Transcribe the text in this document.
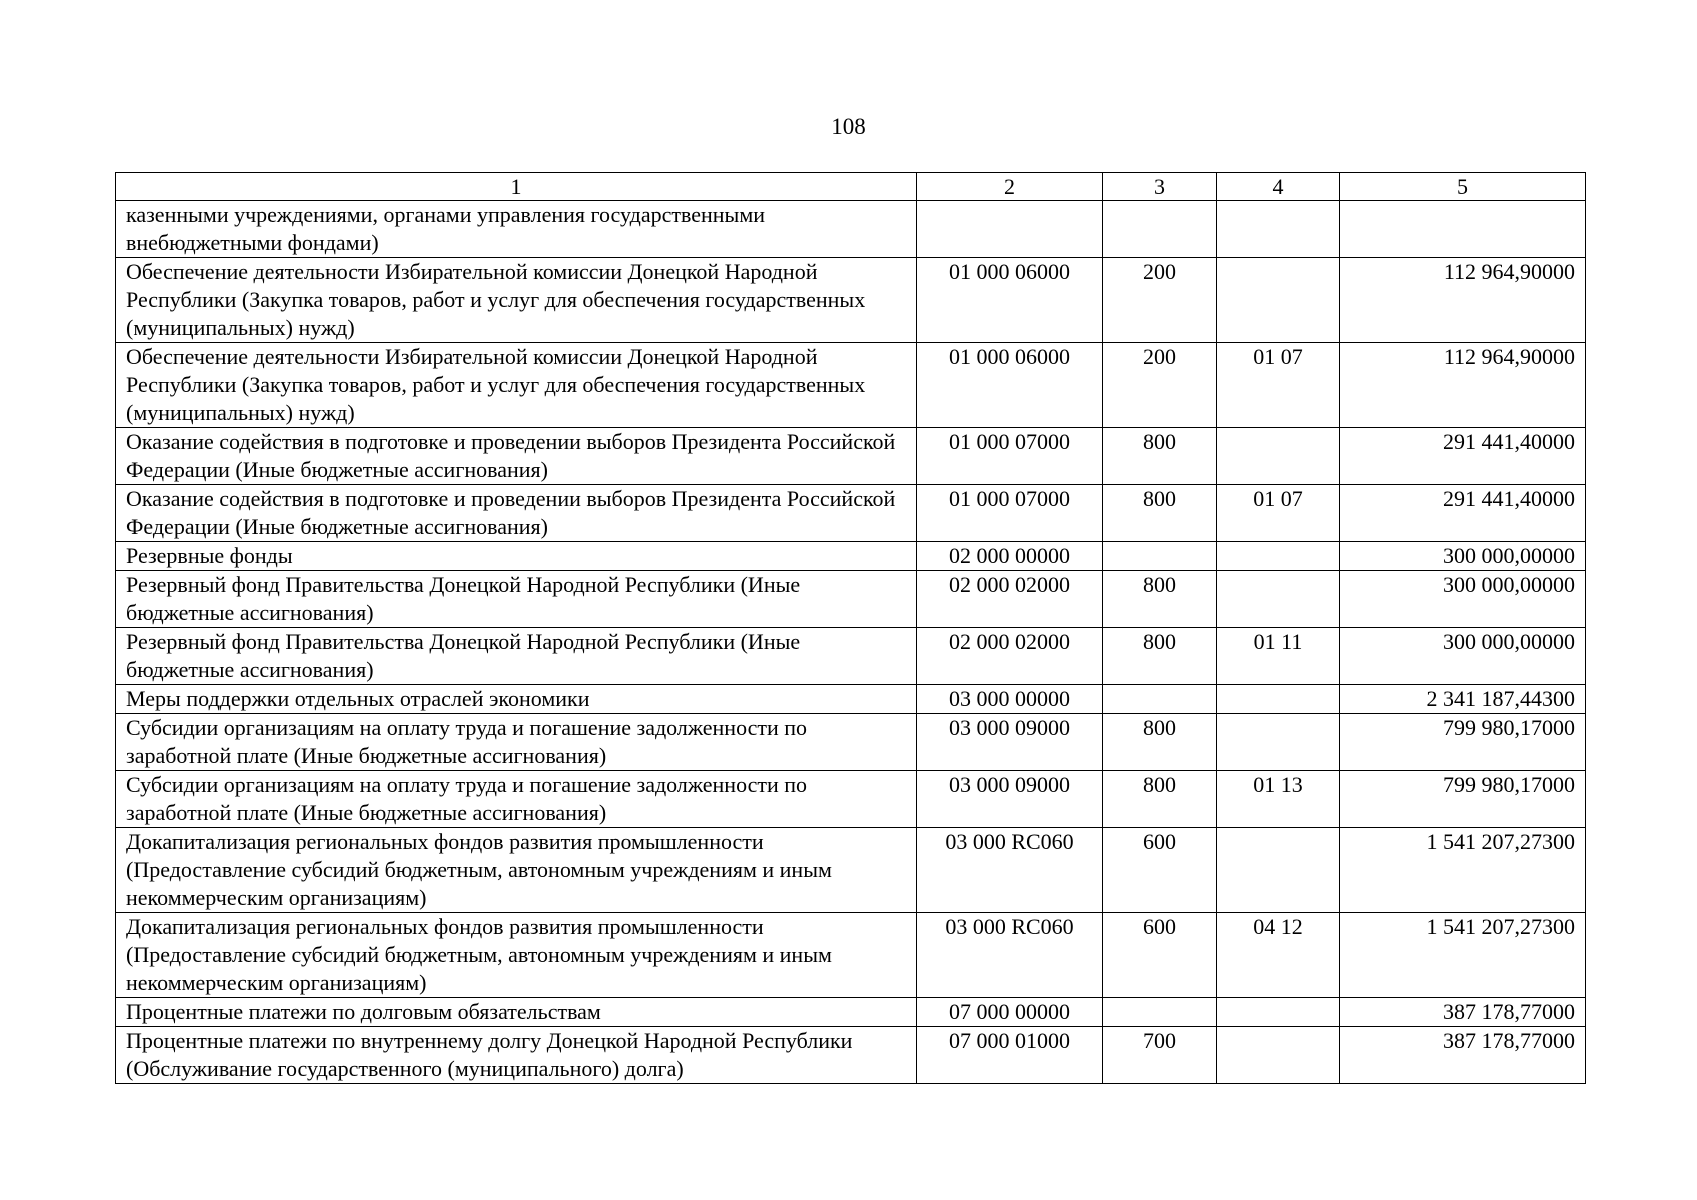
108
1	2	3	4	5
казенными учреждениями, органами управления государственными внебюджетными фондами)				
Обеспечение деятельности Избирательной комиссии Донецкой Народной Республики (Закупка товаров, работ и услуг для обеспечения государственных (муниципальных) нужд)	01 000 06000	200		112 964,90000
Обеспечение деятельности Избирательной комиссии Донецкой Народной Республики (Закупка товаров, работ и услуг для обеспечения государственных (муниципальных) нужд)	01 000 06000	200	01 07	112 964,90000
Оказание содействия в подготовке и проведении выборов Президента Российской Федерации (Иные бюджетные ассигнования)	01 000 07000	800		291 441,40000
Оказание содействия в подготовке и проведении выборов Президента Российской Федерации (Иные бюджетные ассигнования)	01 000 07000	800	01 07	291 441,40000
Резервные фонды	02 000 00000			300 000,00000
Резервный фонд Правительства Донецкой Народной Республики (Иные бюджетные ассигнования)	02 000 02000	800		300 000,00000
Резервный фонд Правительства Донецкой Народной Республики (Иные бюджетные ассигнования)	02 000 02000	800	01 11	300 000,00000
Меры поддержки отдельных отраслей экономики	03 000 00000			2 341 187,44300
Субсидии организациям на оплату труда и погашение задолженности по заработной плате (Иные бюджетные ассигнования)	03 000 09000	800		799 980,17000
Субсидии организациям на оплату труда и погашение задолженности по заработной плате (Иные бюджетные ассигнования)	03 000 09000	800	01 13	799 980,17000
Докапитализация региональных фондов развития промышленности (Предоставление субсидий бюджетным, автономным учреждениям и иным некоммерческим организациям)	03 000 RC060	600		1 541 207,27300
Докапитализация региональных фондов развития промышленности (Предоставление субсидий бюджетным, автономным учреждениям и иным некоммерческим организациям)	03 000 RC060	600	04 12	1 541 207,27300
Процентные платежи по долговым обязательствам	07 000 00000			387 178,77000
Процентные платежи по внутреннему долгу Донецкой Народной Республики (Обслуживание государственного (муниципального) долга)	07 000 01000	700		387 178,77000
